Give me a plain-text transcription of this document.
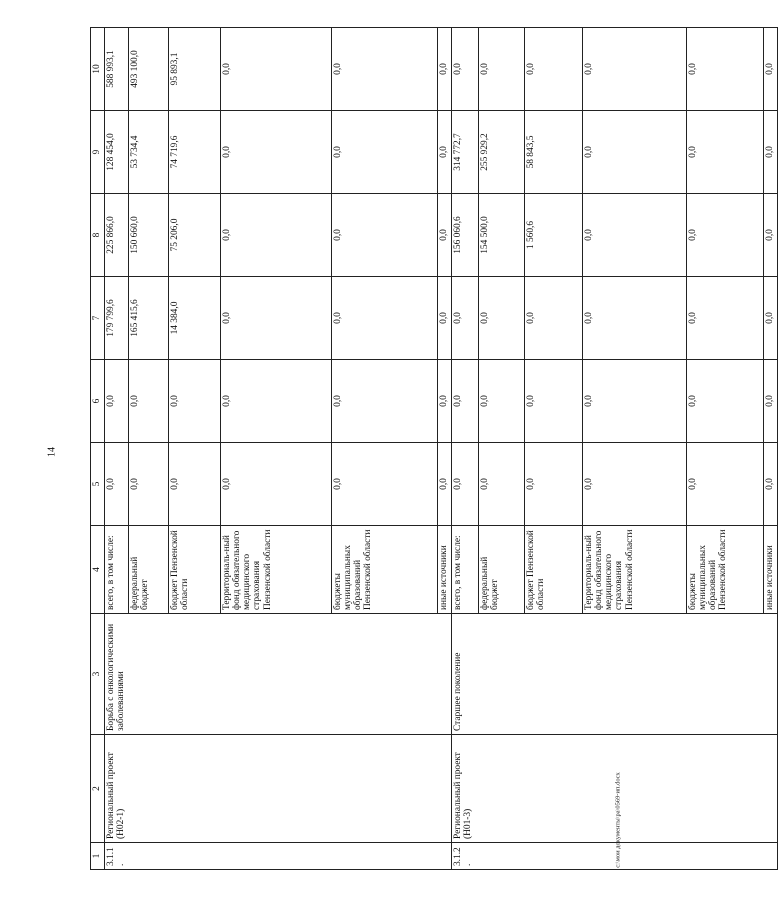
14
1	2	3	4	5	6	7	8	9	10
3.1.1.	Региональный проект (Н02-1)	Борьба с онкологическими заболеваниями	всего, в том числе:	0,0	0,0	179 799,6	225 866,0	128 454,0	588 993,1
			федеральный бюджет	0,0	0,0	165 415,6	150 660,0	53 734,4	493 100,0
			бюджет Пензенской области	0,0	0,0	14 384,0	75 206,0	74 719,6	95 893,1
			Территориаль-ный фонд обязательного медицинского страхования Пензенской области	0,0	0,0	0,0	0,0	0,0	0,0
			бюджеты муниципальных образований Пензенской области	0,0	0,0	0,0	0,0	0,0	0,0
			иные источники	0,0	0,0	0,0	0,0	0,0	0,0
3.1.2.	Региональный проект (Н01-3)	Старшее поколение	всего, в том числе:	0,0	0,0	0,0	156 060,6	314 772,7	0,0
			федеральный бюджет	0,0	0,0	0,0	154 500,0	255 929,2	0,0
			бюджет Пензенской области	0,0	0,0	0,0	1 560,6	58 843,5	0,0
			Территориаль-ный фонд обязательного медицинского страхования Пензенской области	0,0	0,0	0,0	0,0	0,0	0,0
			бюджеты муниципальных образований Пензенской области	0,0	0,0	0,0	0,0	0,0	0,0
			иные источники	0,0	0,0	0,0	0,0	0,0	0,0
c:\мои документы\ра\0569-ип.docx
